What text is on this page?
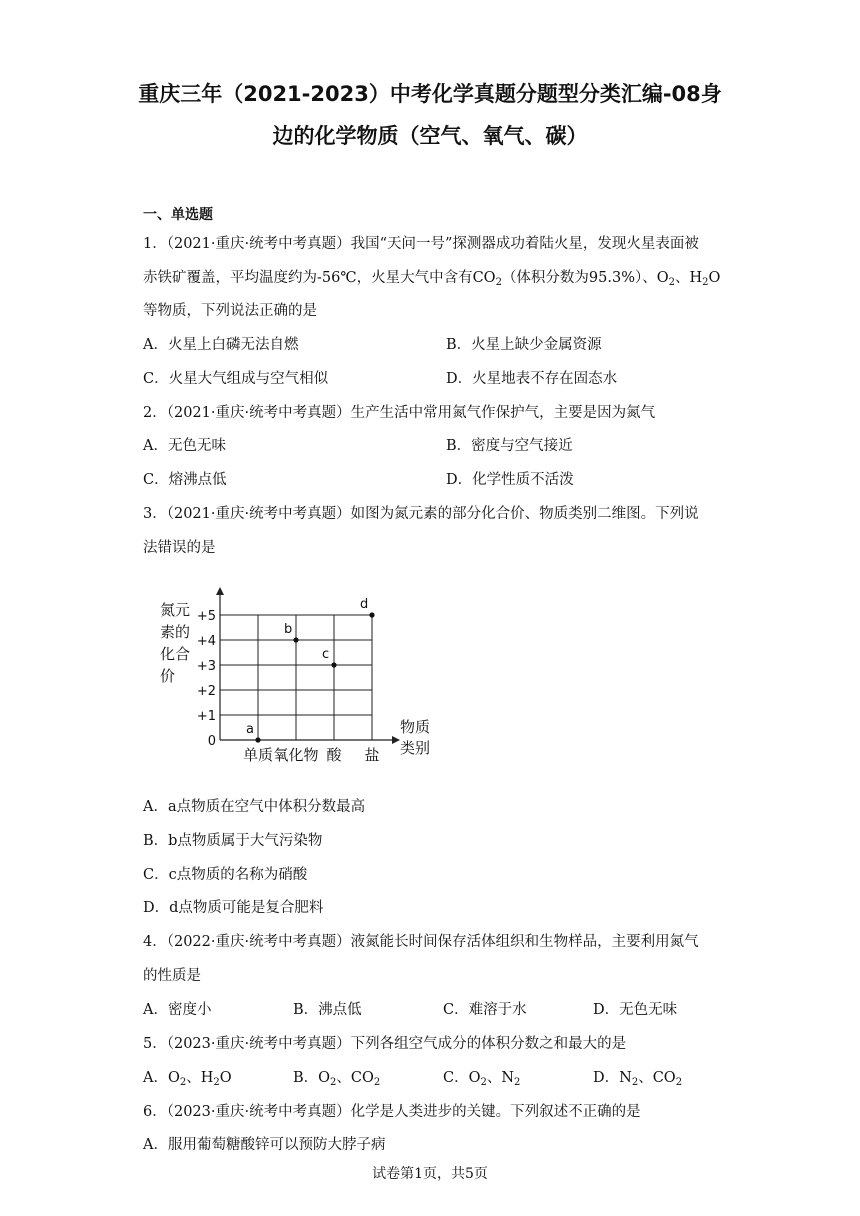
重庆三年（2021-2023）中考化学真题分题型分类汇编-08身
边的化学物质（空气、氧气、碳）
一、单选题
1．（2021·重庆·统考中考真题）我国“天问一号”探测器成功着陆火星，发现火星表面被
赤铁矿覆盖，平均温度约为-56℃，火星大气中含有$CO_2$（体积分数为95.3%）、$O_2$、$H_2O$
等物质，下列说法正确的是
A．火星上白磷无法自燃	B．火星上缺少金属资源
C．火星大气组成与空气相似	D．火星地表不存在固态水
2．（2021·重庆·统考中考真题）生产生活中常用氮气作保护气，主要是因为氮气
A．无色无味	B．密度与空气接近
C．熔沸点低	D．化学性质不活泼
3．（2021·重庆·统考中考真题）如图为氮元素的部分化合价、物质类别二维图。下列说
法错误的是
氮元
素的
化合
价
物质
类别
0
+1
+2
+3
+4
+5
单质 氧化物 酸 盐
a
b
c
d
A．a点物质在空气中体积分数最高
B．b点物质属于大气污染物
C．c点物质的名称为硝酸
D．d点物质可能是复合肥料
4．（2022·重庆·统考中考真题）液氮能长时间保存活体组织和生物样品，主要利用氮气
的性质是
A．密度小	B．沸点低	C．难溶于水	D．无色无味
5．（2023·重庆·统考中考真题）下列各组空气成分的体积分数之和最大的是
A．$O_2$、$H_2O$	B．$O_2$、$CO_2$	C．$O_2$、$N_2$	D．$N_2$、$CO_2$
6．（2023·重庆·统考中考真题）化学是人类进步的关键。下列叙述不正确的是
A．服用葡萄糖酸锌可以预防大脖子病
试卷第1页，共5页
